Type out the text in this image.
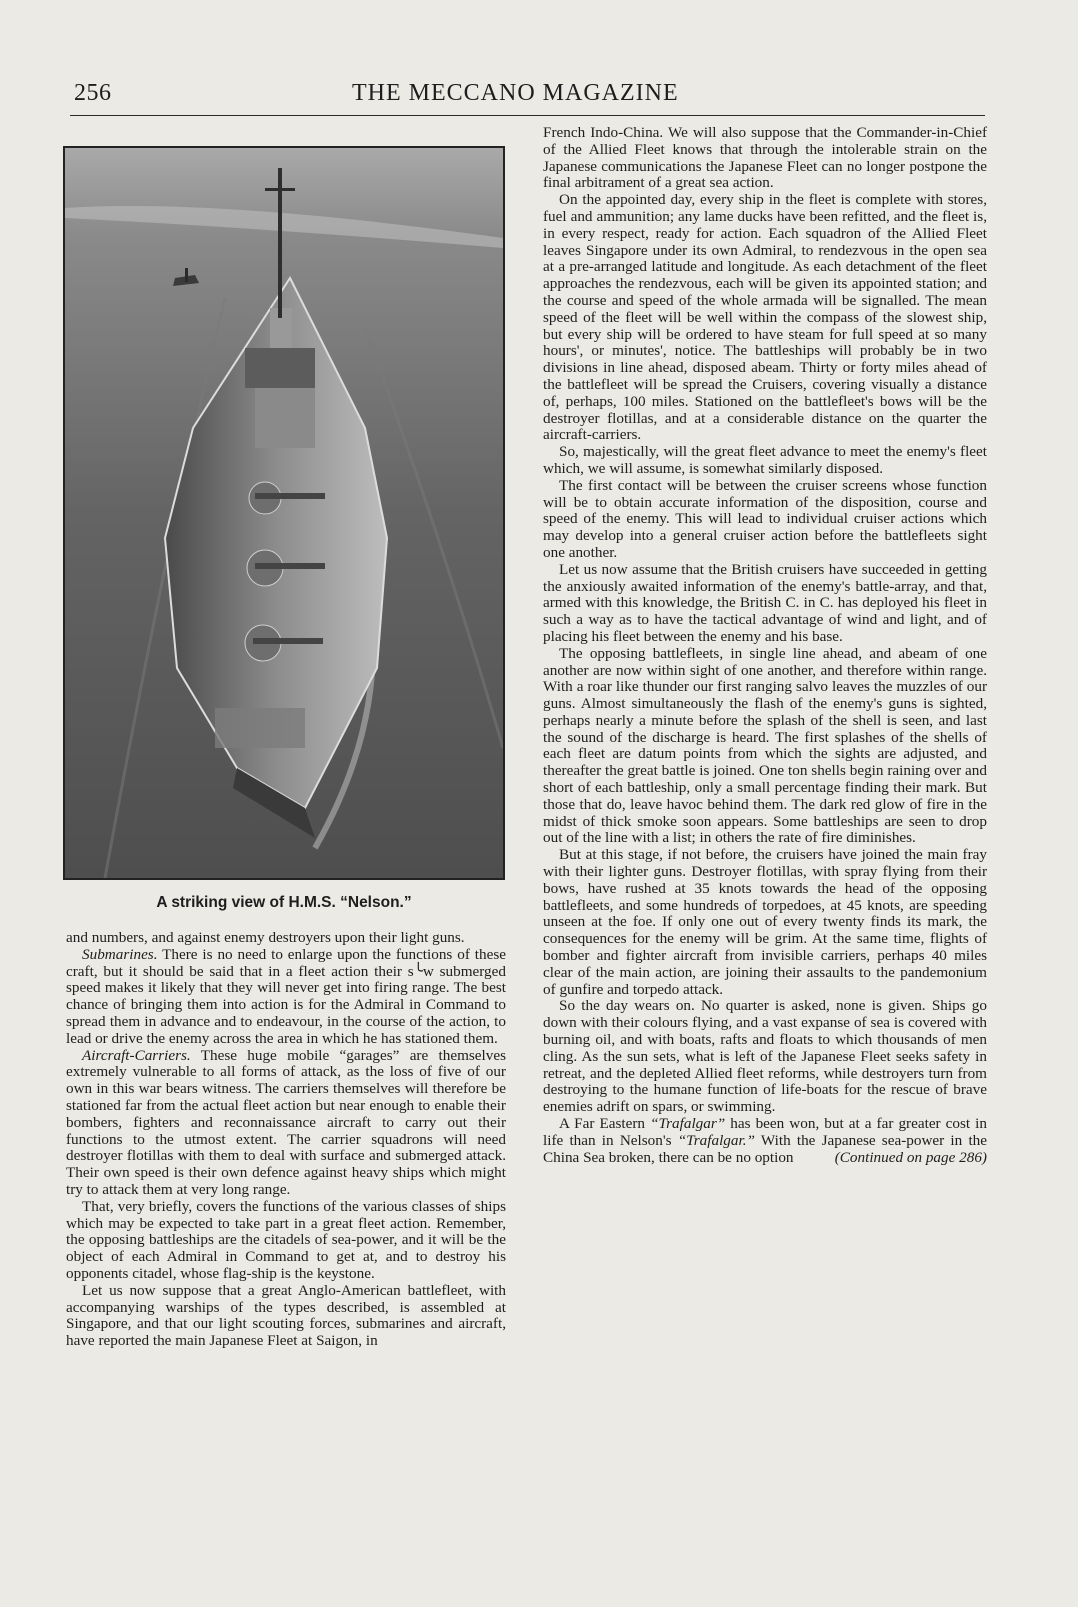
256	THE MECCANO MAGAZINE
A striking view of H.M.S. “Nelson.”

and numbers, and against enemy destroyers upon their light guns.

Submarines. There is no need to enlarge upon the functions of these craft, but it should be said that in a fleet action their s╰w submerged speed makes it likely that they will never get into firing range. The best chance of bringing them into action is for the Admiral in Command to spread them in advance and to endeavour, in the course of the action, to lead or drive the enemy across the area in which he has stationed them.

Aircraft-Carriers. These huge mobile “garages” are themselves extremely vulnerable to all forms of attack, as the loss of five of our own in this war bears witness. The carriers themselves will therefore be stationed far from the actual fleet action but near enough to enable their bombers, fighters and reconnaissance aircraft to carry out their functions to the utmost extent. The carrier squadrons will need destroyer flotillas with them to deal with surface and submerged attack. Their own speed is their own defence against heavy ships which might try to attack them at very long range.

That, very briefly, covers the functions of the various classes of ships which may be expected to take part in a great fleet action. Remember, the opposing battleships are the citadels of sea-power, and it will be the object of each Admiral in Command to get at, and to destroy his opponents citadel, whose flag-ship is the keystone.

Let us now suppose that a great Anglo-American battlefleet, with accompanying warships of the types described, is assembled at Singapore, and that our light scouting forces, submarines and aircraft, have reported the main Japanese Fleet at Saigon, in

French Indo-China. We will also suppose that the Commander-in-Chief of the Allied Fleet knows that through the intolerable strain on the Japanese communications the Japanese Fleet can no longer postpone the final arbitrament of a great sea action.

On the appointed day, every ship in the fleet is complete with stores, fuel and ammunition; any lame ducks have been refitted, and the fleet is, in every respect, ready for action. Each squadron of the Allied Fleet leaves Singapore under its own Admiral, to rendezvous in the open sea at a pre-arranged latitude and longitude. As each detachment of the fleet approaches the rendezvous, each will be given its appointed station; and the course and speed of the whole armada will be signalled. The mean speed of the fleet will be well within the compass of the slowest ship, but every ship will be ordered to have steam for full speed at so many hours', or minutes', notice. The battleships will probably be in two divisions in line ahead, disposed abeam. Thirty or forty miles ahead of the battlefleet will be spread the Cruisers, covering visually a distance of, perhaps, 100 miles. Stationed on the battlefleet's bows will be the destroyer flotillas, and at a considerable distance on the quarter the aircraft-carriers.

So, majestically, will the great fleet advance to meet the enemy's fleet which, we will assume, is somewhat similarly disposed.

The first contact will be between the cruiser screens whose function will be to obtain accurate information of the disposition, course and speed of the enemy. This will lead to individual cruiser actions which may develop into a general cruiser action before the battlefleets sight one another.

Let us now assume that the British cruisers have succeeded in getting the anxiously awaited information of the enemy's battle-array, and that, armed with this knowledge, the British C. in C. has deployed his fleet in such a way as to have the tactical advantage of wind and light, and of placing his fleet between the enemy and his base.

The opposing battlefleets, in single line ahead, and abeam of one another are now within sight of one another, and therefore within range. With a roar like thunder our first ranging salvo leaves the muzzles of our guns. Almost simultaneously the flash of the enemy's guns is sighted, perhaps nearly a minute before the splash of the shell is seen, and last the sound of the discharge is heard. The first splashes of the shells of each fleet are datum points from which the sights are adjusted, and thereafter the great battle is joined. One ton shells begin raining over and short of each battleship, only a small percentage finding their mark. But those that do, leave havoc behind them. The dark red glow of fire in the midst of thick smoke soon appears. Some battleships are seen to drop out of the line with a list; in others the rate of fire diminishes.

But at this stage, if not before, the cruisers have joined the main fray with their lighter guns. Destroyer flotillas, with spray flying from their bows, have rushed at 35 knots towards the head of the opposing battlefleets, and some hundreds of torpedoes, at 45 knots, are speeding unseen at the foe. If only one out of every twenty finds its mark, the consequences for the enemy will be grim. At the same time, flights of bomber and fighter aircraft from invisible carriers, perhaps 40 miles clear of the main action, are joining their assaults to the pandemonium of gunfire and torpedo attack.

So the day wears on. No quarter is asked, none is given. Ships go down with their colours flying, and a vast expanse of sea is covered with burning oil, and with boats, rafts and floats to which thousands of men cling. As the sun sets, what is left of the Japanese Fleet seeks safety in retreat, and the depleted Allied fleet reforms, while destroyers turn from destroying to the humane function of life-boats for the rescue of brave enemies adrift on spars, or swimming.

A Far Eastern “Trafalgar” has been won, but at a far greater cost in life than in Nelson's “Trafalgar.” With the Japanese sea-power in the China Sea broken, there can be no option	(Continued on page 286)
